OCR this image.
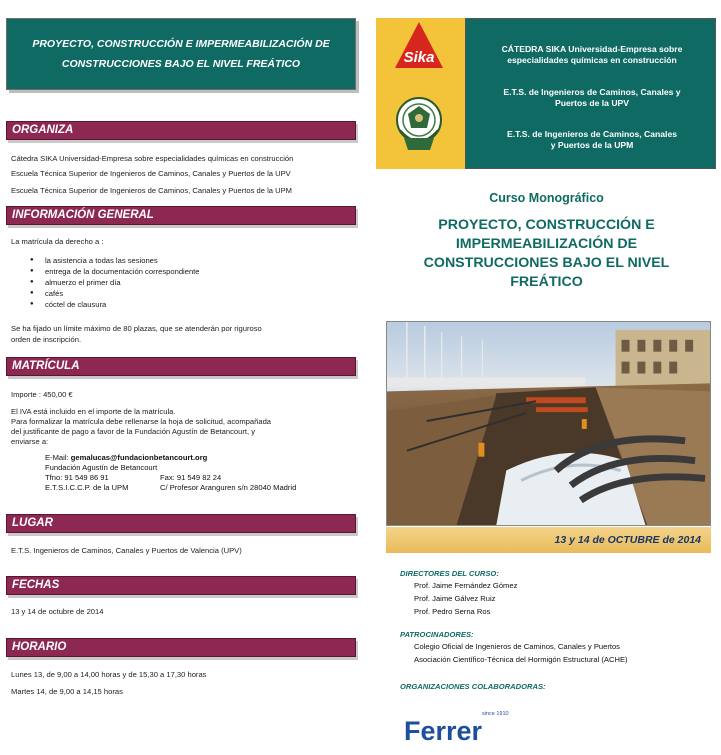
PROYECTO, CONSTRUCCIÓN E IMPERMEABILIZACIÓN DE
CONSTRUCCIONES BAJO EL NIVEL FREÁTICO
ORGANIZA
Cátedra SIKA Universidad-Empresa sobre especialidades químicas en construcción
Escuela Técnica Superior de Ingenieros de Caminos, Canales y Puertos de la UPV
Escuela Técnica Superior de Ingenieros de Caminos, Canales y Puertos de la UPM
INFORMACIÓN GENERAL
La matrícula da derecho a :
● la asistencia a todas las sesiones
● entrega de la documentación correspondiente
● almuerzo el primer día
● cafés
● cóctel de clausura
Se ha fijado un límite máximo de 80 plazas, que se atenderán por riguroso
orden de inscripción.
MATRÍCULA
Importe : 450,00 €
El IVA está incluido en el importe de la matrícula.
Para formalizar la matrícula debe rellenarse la hoja de solicitud, acompañada
del justificante de pago a favor de la Fundación Agustín de Betancourt, y
enviarse a:
E-Mail: gemalucas@fundacionbetancourt.org
Fundación Agustín de Betancourt
Tfno: 91 549 86 91	Fax: 91 549 82 24
E.T.S.I.C.C.P. de la UPM	C/ Profesor Aranguren s/n 28040 Madrid
LUGAR
E.T.S. Ingenieros de Caminos, Canales y Puertos de Valencia (UPV)
FECHAS
13 y 14 de octubre de 2014
HORARIO
Lunes 13, de 9,00 a 14,00 horas y de 15,30 a 17,30 horas
Martes 14, de 9,00 a 14,15 horas
Sika	CÁTEDRA SIKA Universidad-Empresa sobre
especialidades químicas en construcción
E.T.S. de Ingenieros de Caminos, Canales y
Puertos de la UPV
E.T.S. de Ingenieros de Caminos, Canales
y Puertos de la UPM
Curso Monográfico
PROYECTO, CONSTRUCCIÓN E
IMPERMEABILIZACIÓN DE
CONSTRUCCIONES BAJO EL NIVEL
FREÁTICO
13 y 14 de OCTUBRE de 2014
DIRECTORES DEL CURSO:
Prof. Jaime Fernández Gómez
Prof. Jaime Gálvez Ruiz
Prof. Pedro Serna Ros
PATROCINADORES:
Colegio Oficial de Ingenieros de Caminos, Canales y Puertos
Asociación Científico-Técnica del Hormigón Estructural (ACHE)
ORGANIZACIONES COLABORADORAS:
since 1910
Ferrer
